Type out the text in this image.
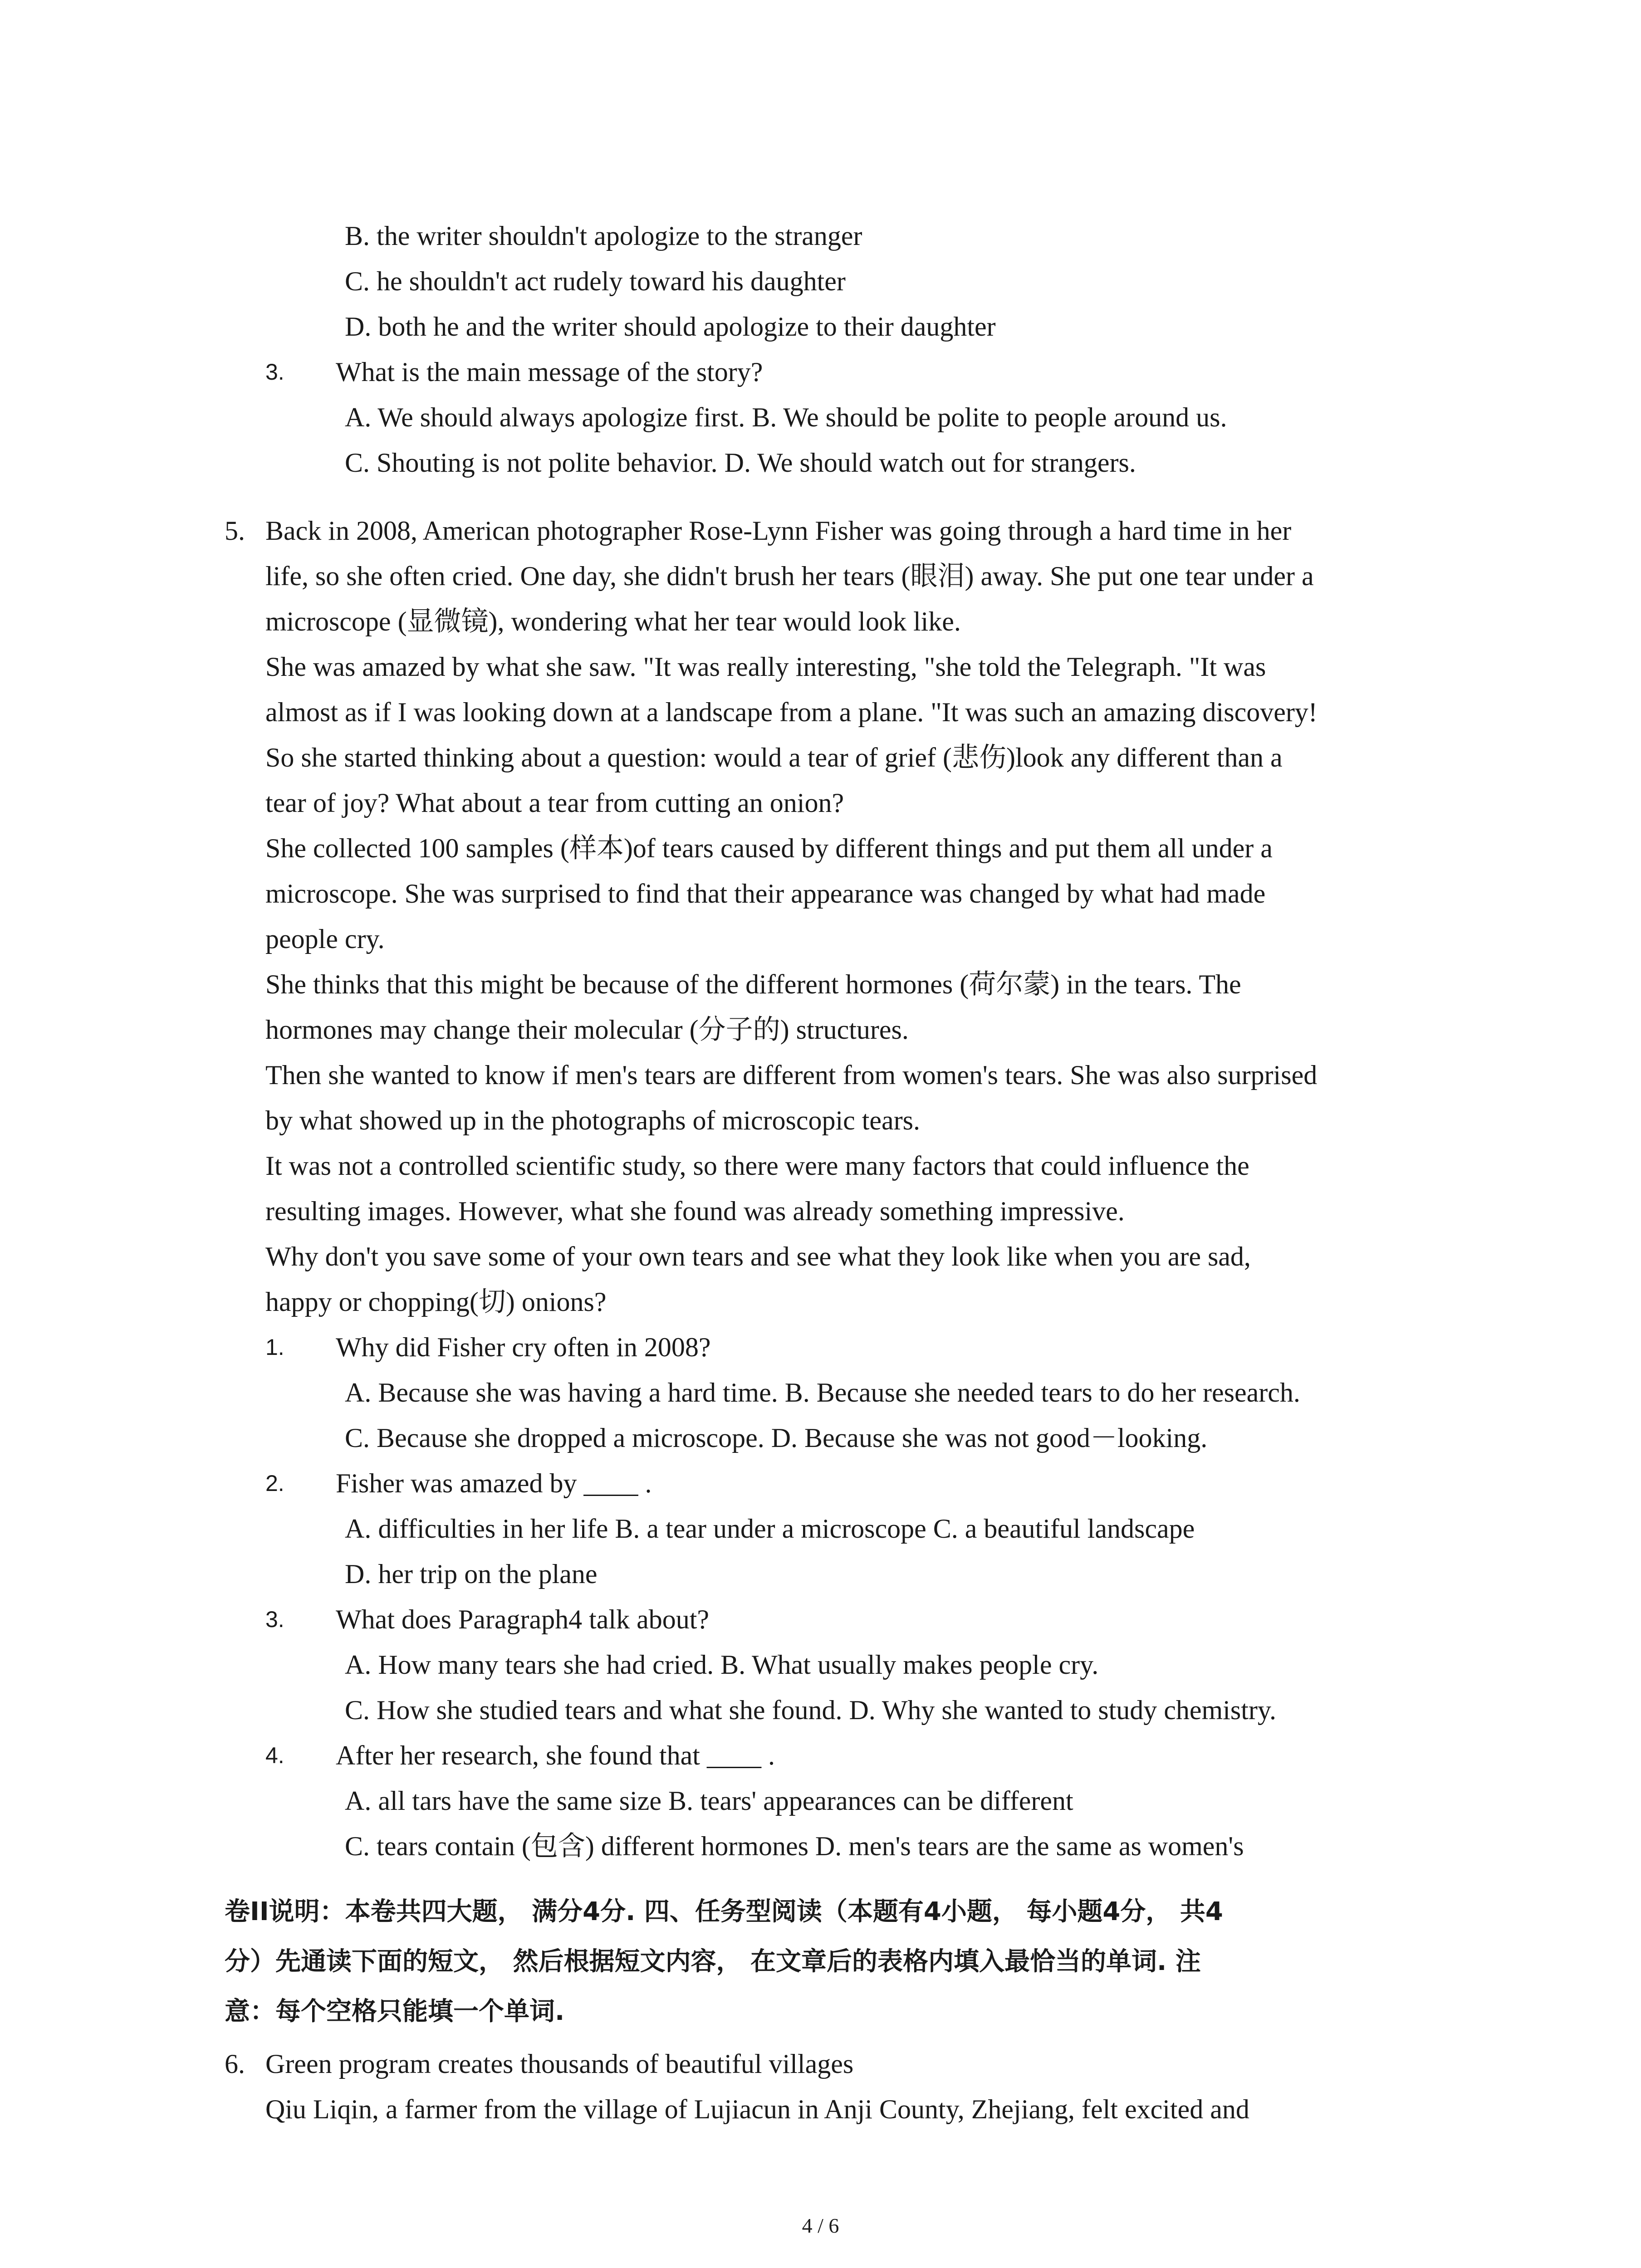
B. the writer shouldn't apologize to the stranger
C. he shouldn't act rudely toward his daughter
D. both he and the writer should apologize to their daughter
3. What is the main message of the story?
A. We should always apologize first. B. We should be polite to people around us.
C. Shouting is not polite behavior. D. We should watch out for strangers.
5. Back in 2008, American photographer Rose-Lynn Fisher was going through a hard time in her
life, so she often cried. One day, she didn't brush her tears (眼泪) away. She put one tear under a
microscope (显微镜), wondering what her tear would look like.
She was amazed by what she saw. "It was really interesting, "she told the Telegraph. "It was
almost as if I was looking down at a landscape from a plane. "It was such an amazing discovery!
So she started thinking about a question: would a tear of grief (悲伤)look any different than a
tear of joy? What about a tear from cutting an onion?
She collected 100 samples (样本)of tears caused by different things and put them all under a
microscope. She was surprised to find that their appearance was changed by what had made
people cry.
She thinks that this might be because of the different hormones (荷尔蒙) in the tears. The
hormones may change their molecular (分子的) structures.
Then she wanted to know if men's tears are different from women's tears. She was also surprised
by what showed up in the photographs of microscopic tears.
It was not a controlled scientific study, so there were many factors that could influence the
resulting images. However, what she found was already something impressive.
Why don't you save some of your own tears and see what they look like when you are sad,
happy or chopping(切) onions?
1. Why did Fisher cry often in 2008?
A. Because she was having a hard time. B. Because she needed tears to do her research.
C. Because she dropped a microscope. D. Because she was not good－looking.
2. Fisher was amazed by ____ .
A. difficulties in her life B. a tear under a microscope C. a beautiful landscape
D. her trip on the plane
3. What does Paragraph4 talk about?
A. How many tears she had cried. B. What usually makes people cry.
C. How she studied tears and what she found. D. Why she wanted to study chemistry.
4. After her research, she found that ____ .
A. all tars have the same size B. tears' appearances can be different
C. tears contain (包含) different hormones D. men's tears are the same as women's
卷II说明：本卷共四大题， 满分4分. 四、任务型阅读（本题有4小题， 每小题4分， 共4
分）先通读下面的短文， 然后根据短文内容， 在文章后的表格内填入最恰当的单词. 注
意：每个空格只能填一个单词.
6. Green program creates thousands of beautiful villages
Qiu Liqin, a farmer from the village of Lujiacun in Anji County, Zhejiang, felt excited and
4 / 6
